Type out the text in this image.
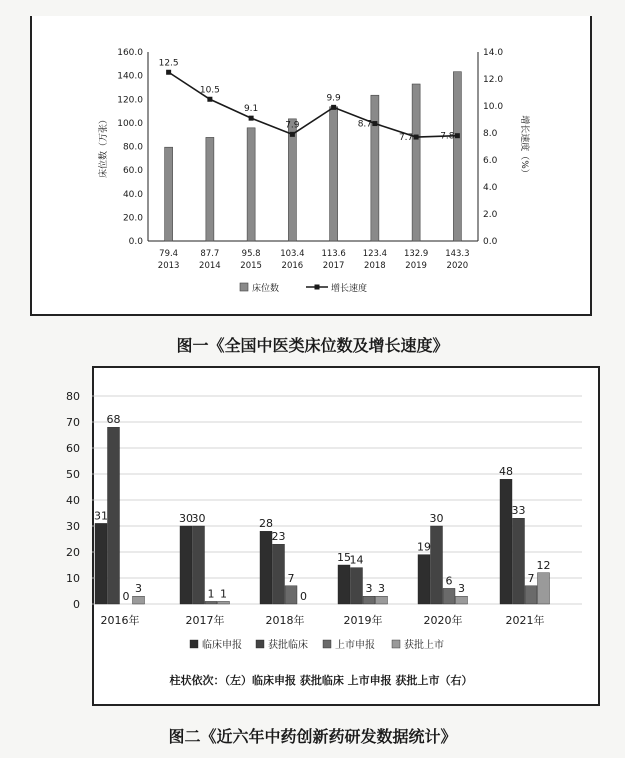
0.0
20.0
40.0
60.0
80.0
100.0
120.0
140.0
160.0
0.0
2.0
4.0
6.0
8.0
10.0
12.0
14.0
床位数（万张）	增长速度（%）
79.4
2013
87.7
2014
95.8
2015
103.4
2016
113.6
2017
123.4
2018
132.9
2019
143.3
2020
12.5
10.5
9.1
7.9
9.9
8.7
7.7	7.8
床位数	增长速度
0
10
20
30
40
50
60
70
80
31
68
0
3
2016年
30
30
1 1
2017年
28
23
7
0
2018年
15
14
3 3
2019年
19
30
6
3
2020年
48
33
7
12
2021年
临床申报	获批临床	上市申报	获批上市
柱状依次：（左）临床申报 获批临床 上市申报 获批上市（右）
图一《全国中医类床位数及增长速度》
图二《近六年中药创新药研发数据统计》
